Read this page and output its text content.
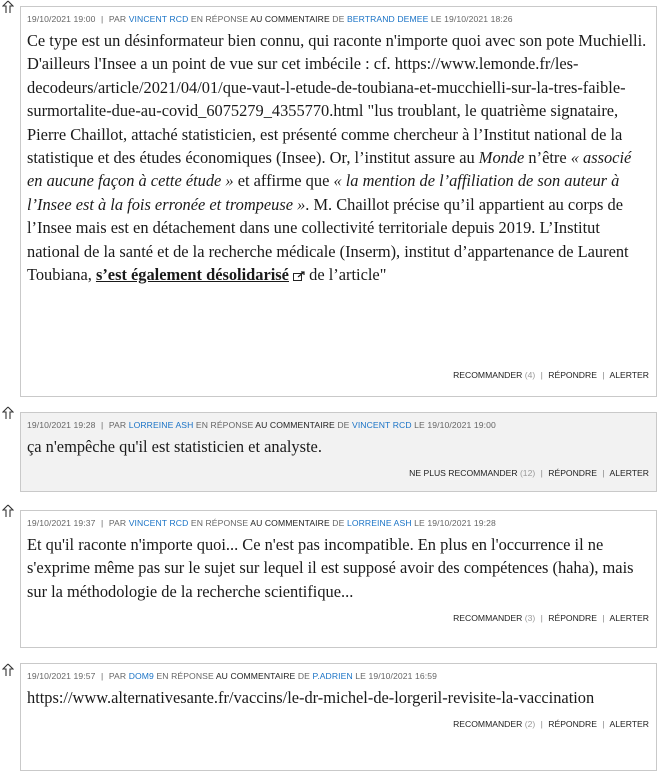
19/10/2021 19:00 | PAR VINCENT RCD EN RÉPONSE AU COMMENTAIRE DE BERTRAND DEMEE LE 19/10/2021 18:26
Ce type est un désinformateur bien connu, qui raconte n'importe quoi avec son pote Muchielli. D'ailleurs l'Insee a un point de vue sur cet imbécile : cf. https://www.lemonde.fr/les-decodeurs/article/2021/04/01/que-vaut-l-etude-de-toubiana-et-mucchielli-sur-la-tres-faible-surmortalite-due-au-covid_6075279_4355770.html "lus troublant, le quatrième signataire, Pierre Chaillot, attaché statisticien, est présenté comme chercheur à l’Institut national de la statistique et des études économiques (Insee). Or, l’institut assure au Monde n’être « associé en aucune façon à cette étude » et affirme que « la mention de l’affiliation de son auteur à l’Insee est à la fois erronée et trompeuse ». M. Chaillot précise qu’il appartient au corps de l’Insee mais est en détachement dans une collectivité territoriale depuis 2019. L’Institut national de la santé et de la recherche médicale (Inserm), institut d’appartenance de Laurent Toubiana, s’est également désolidarisé  de l’article"
RECOMMANDER (4) | RÉPONDRE | ALERTER
19/10/2021 19:28 | PAR LORREINE ASH EN RÉPONSE AU COMMENTAIRE DE VINCENT RCD LE 19/10/2021 19:00
ça n'empêche qu'il est statisticien et analyste.
NE PLUS RECOMMANDER (12) | RÉPONDRE | ALERTER
19/10/2021 19:37 | PAR VINCENT RCD EN RÉPONSE AU COMMENTAIRE DE LORREINE ASH LE 19/10/2021 19:28
Et qu'il raconte n'importe quoi... Ce n'est pas incompatible. En plus en l'occurrence il ne s'exprime même pas sur le sujet sur lequel il est supposé avoir des compétences (haha), mais sur la méthodologie de la recherche scientifique...
RECOMMANDER (3) | RÉPONDRE | ALERTER
19/10/2021 19:57 | PAR DOM9 EN RÉPONSE AU COMMENTAIRE DE P.ADRIEN LE 19/10/2021 16:59
https://www.alternativesante.fr/vaccins/le-dr-michel-de-lorgeril-revisite-la-vaccination
RECOMMANDER (2) | RÉPONDRE | ALERTER
